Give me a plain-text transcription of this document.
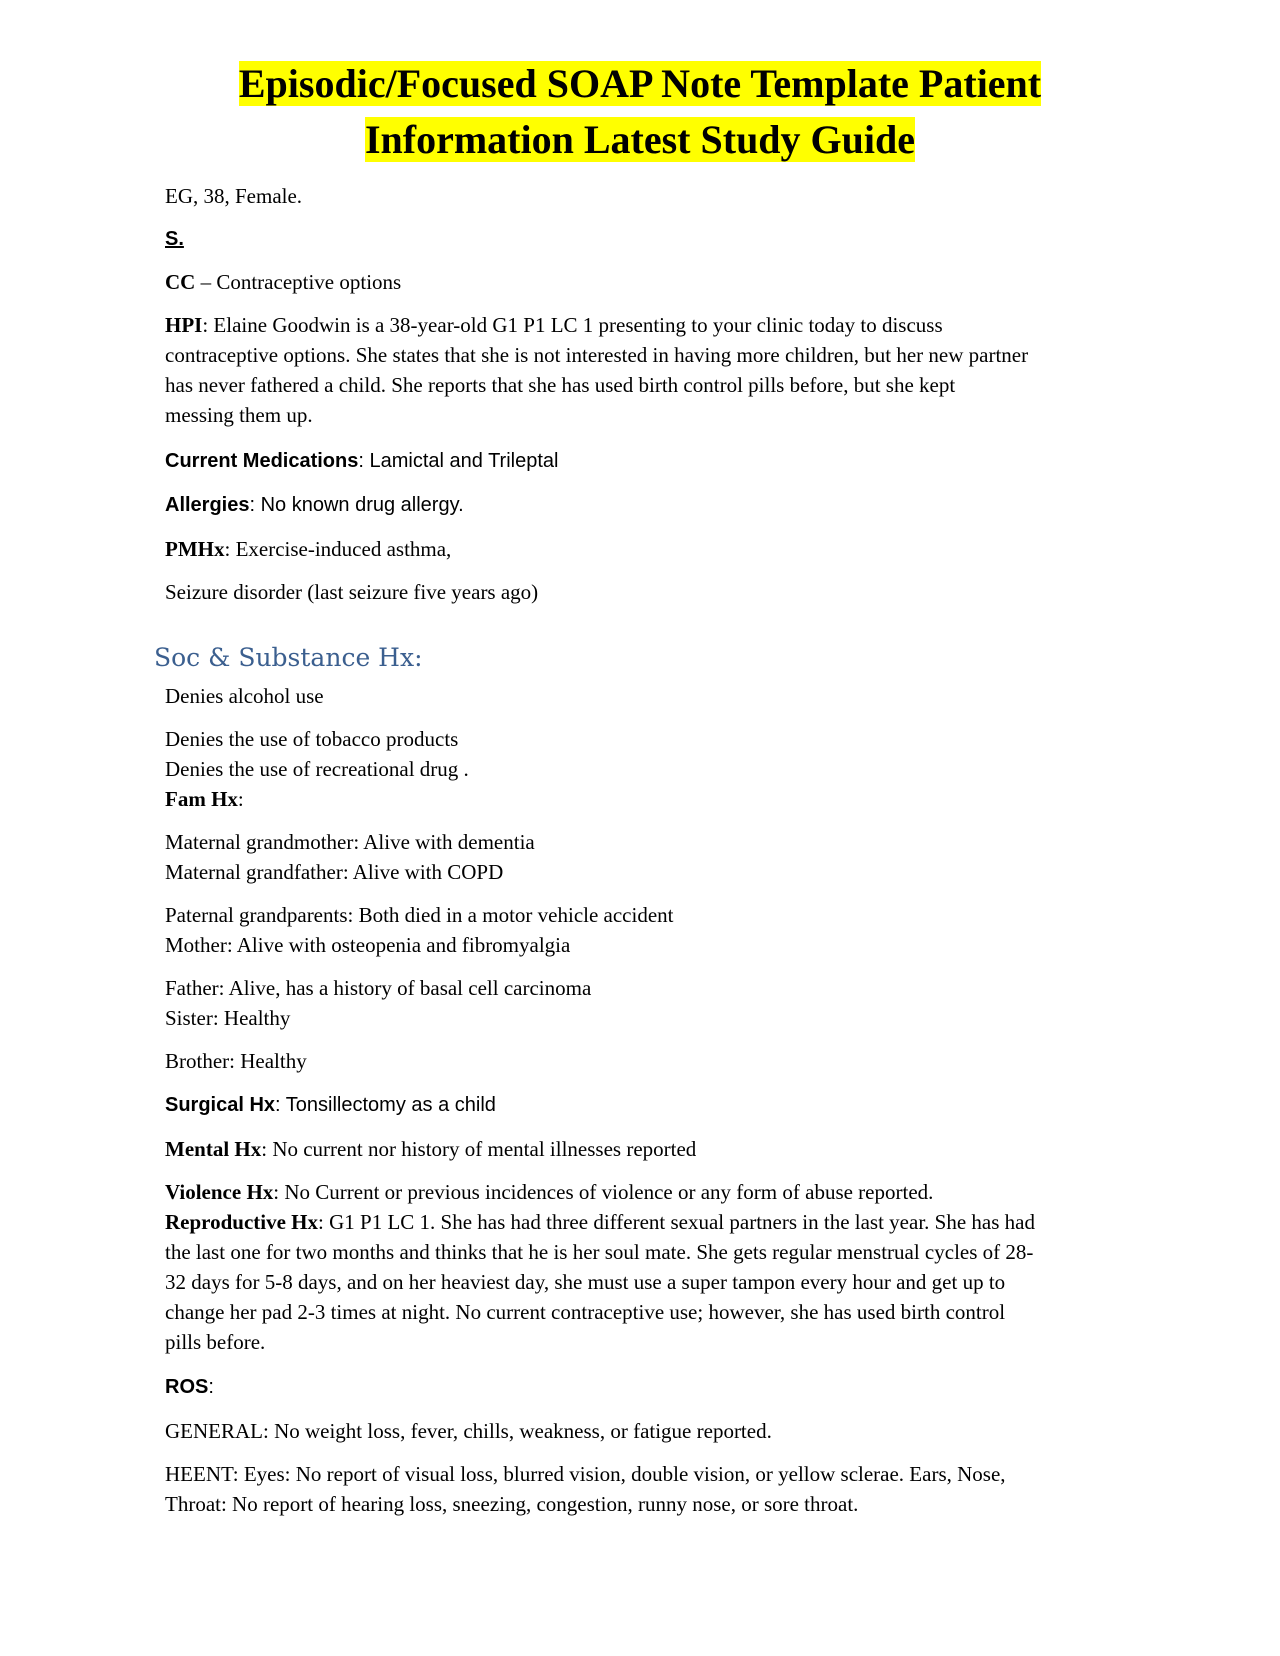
Episodic/Focused SOAP Note Template Patient
Information Latest Study Guide
EG, 38, Female.
S.
CC – Contraceptive options
HPI: Elaine Goodwin is a 38-year-old G1 P1 LC 1 presenting to your clinic today to discuss
contraceptive options. She states that she is not interested in having more children, but her new partner
has never fathered a child. She reports that she has used birth control pills before, but she kept
messing them up.
Current Medications: Lamictal and Trileptal
Allergies: No known drug allergy.
PMHx: Exercise-induced asthma,
Seizure disorder (last seizure five years ago)
Soc & Substance Hx:
Denies alcohol use
Denies the use of tobacco products
Denies the use of recreational drug .
Fam Hx:
Maternal grandmother: Alive with dementia
Maternal grandfather: Alive with COPD
Paternal grandparents: Both died in a motor vehicle accident
Mother: Alive with osteopenia and fibromyalgia
Father: Alive, has a history of basal cell carcinoma
Sister: Healthy
Brother: Healthy
Surgical Hx: Tonsillectomy as a child
Mental Hx: No current nor history of mental illnesses reported
Violence Hx: No Current or previous incidences of violence or any form of abuse reported.
Reproductive Hx: G1 P1 LC 1. She has had three different sexual partners in the last year. She has had
the last one for two months and thinks that he is her soul mate. She gets regular menstrual cycles of 28-
32 days for 5-8 days, and on her heaviest day, she must use a super tampon every hour and get up to
change her pad 2-3 times at night. No current contraceptive use; however, she has used birth control
pills before.
ROS:
GENERAL: No weight loss, fever, chills, weakness, or fatigue reported.
HEENT: Eyes: No report of visual loss, blurred vision, double vision, or yellow sclerae. Ears, Nose,
Throat: No report of hearing loss, sneezing, congestion, runny nose, or sore throat.
